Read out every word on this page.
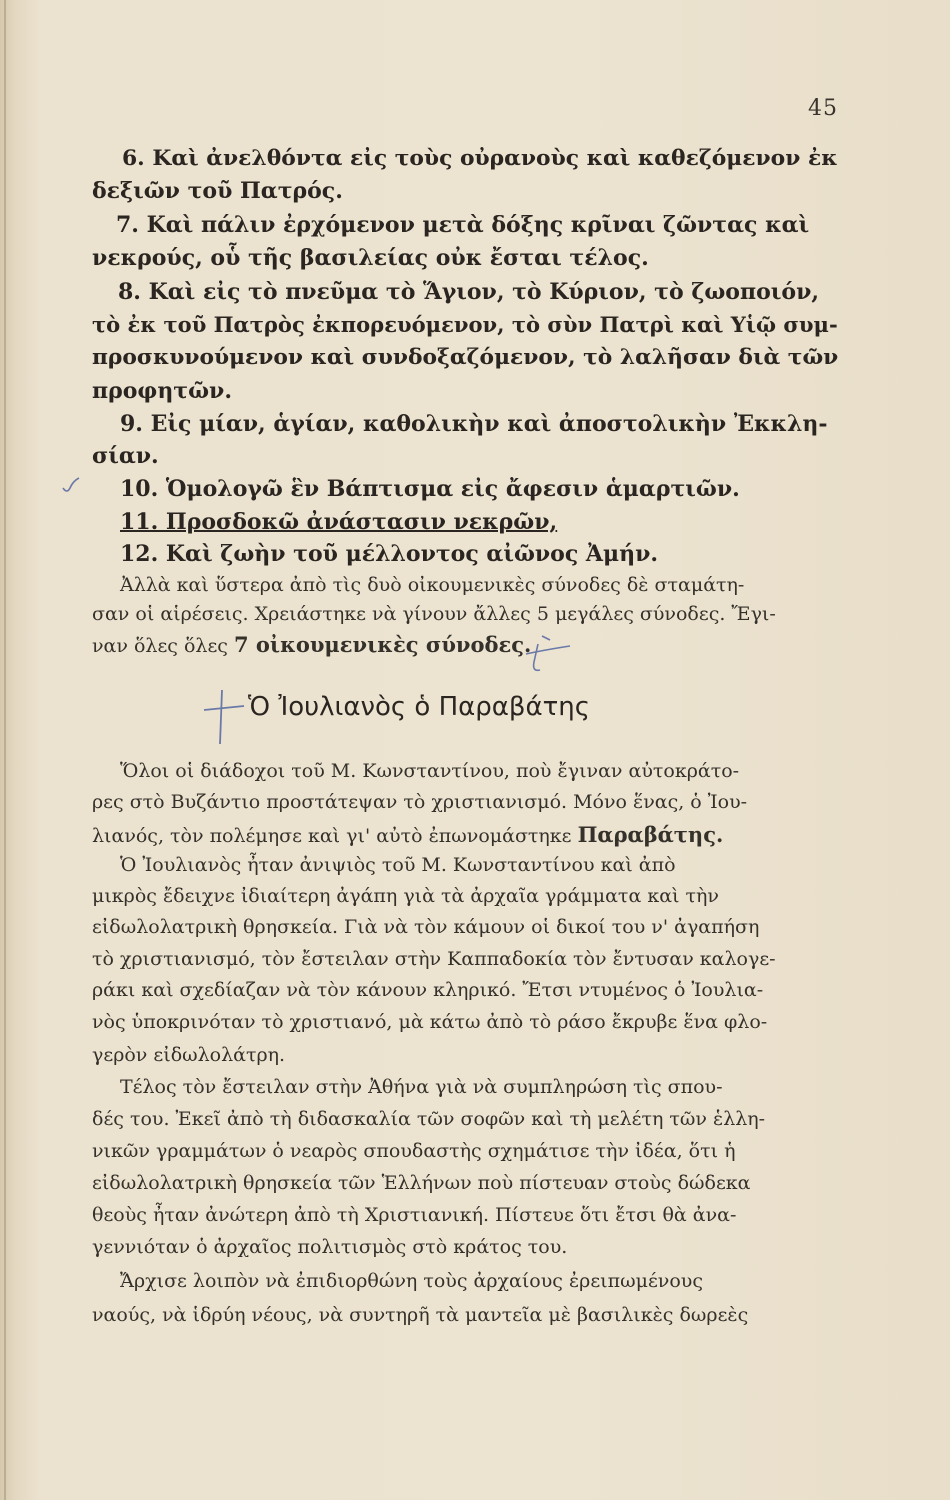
45
6. Καὶ ἀνελθόντα εἰς τοὺς οὐρανοὺς καὶ καθεζόμενον ἐκ
δεξιῶν τοῦ Πατρός.
7. Καὶ πάλιν ἐρχόμενον μετὰ δόξης κρῖναι ζῶντας καὶ
νεκρούς, οὗ τῆς βασιλείας οὐκ ἔσται τέλος.
8. Καὶ εἰς τὸ πνεῦμα τὸ Ἅγιον, τὸ Κύριον, τὸ ζωοποιόν,
τὸ ἐκ τοῦ Πατρὸς ἐκπορευόμενον, τὸ σὺν Πατρὶ καὶ Υἱῷ συμ-
προσκυνούμενον καὶ συνδοξαζόμενον, τὸ λαλῆσαν διὰ τῶν
προφητῶν.
9. Εἰς μίαν, ἁγίαν, καθολικὴν καὶ ἀποστολικὴν Ἐκκλη-
σίαν.
10. Ὁμολογῶ ἓν Βάπτισμα εἰς ἄφεσιν ἁμαρτιῶν.
11. Προσδοκῶ ἀνάστασιν νεκρῶν,
12. Καὶ ζωὴν τοῦ μέλλοντος αἰῶνος Ἀμήν.
Ἀλλὰ καὶ ὕστερα ἀπὸ τὶς δυὸ οἰκουμενικὲς σύνοδες δὲ σταμάτη-
σαν οἱ αἱρέσεις. Χρειάστηκε νὰ γίνουν ἄλλες 5 μεγάλες σύνοδες. Ἔγι-
ναν ὅλες ὅλες 7 οἰκουμενικὲς σύνοδες.
Ὁ Ἰουλιανὸς ὁ Παραβάτης
Ὅλοι οἱ διάδοχοι τοῦ Μ. Κωνσταντίνου, ποὺ ἔγιναν αὐτοκράτο-
ρες στὸ Βυζάντιο προστάτεψαν τὸ χριστιανισμό. Μόνο ἕνας, ὁ Ἰου-
λιανός, τὸν πολέμησε καὶ γι' αὐτὸ ἐπωνομάστηκε Παραβάτης.
Ὁ Ἰουλιανὸς ἦταν ἀνιψιὸς τοῦ Μ. Κωνσταντίνου καὶ ἀπὸ
μικρὸς ἔδειχνε ἰδιαίτερη ἀγάπη γιὰ τὰ ἀρχαῖα γράμματα καὶ τὴν
εἰδωλολατρικὴ θρησκεία. Γιὰ νὰ τὸν κάμουν οἱ δικοί του ν' ἀγαπήση
τὸ χριστιανισμό, τὸν ἔστειλαν στὴν Καππαδοκία τὸν ἔντυσαν καλογε-
ράκι καὶ σχεδίαζαν νὰ τὸν κάνουν κληρικό. Ἔτσι ντυμένος ὁ Ἰουλια-
νὸς ὑποκρινόταν τὸ χριστιανό, μὰ κάτω ἀπὸ τὸ ράσο ἔκρυβε ἕνα φλο-
γερὸν εἰδωλολάτρη.
Τέλος τὸν ἔστειλαν στὴν Ἀθήνα γιὰ νὰ συμπληρώση τὶς σπου-
δές του. Ἐκεῖ ἀπὸ τὴ διδασκαλία τῶν σοφῶν καὶ τὴ μελέτη τῶν ἑλλη-
νικῶν γραμμάτων ὁ νεαρὸς σπουδαστὴς σχημάτισε τὴν ἰδέα, ὅτι ἡ
εἰδωλολατρικὴ θρησκεία τῶν Ἑλλήνων ποὺ πίστευαν στοὺς δώδεκα
θεοὺς ἦταν ἀνώτερη ἀπὸ τὴ Χριστιανική. Πίστευε ὅτι ἔτσι θὰ ἀνα-
γεννιόταν ὁ ἀρχαῖος πολιτισμὸς στὸ κράτος του.
Ἄρχισε λοιπὸν νὰ ἐπιδιορθώνη τοὺς ἀρχαίους ἐρειπωμένους
ναούς, νὰ ἱδρύη νέους, νὰ συντηρῆ τὰ μαντεῖα μὲ βασιλικὲς δωρεὲς
